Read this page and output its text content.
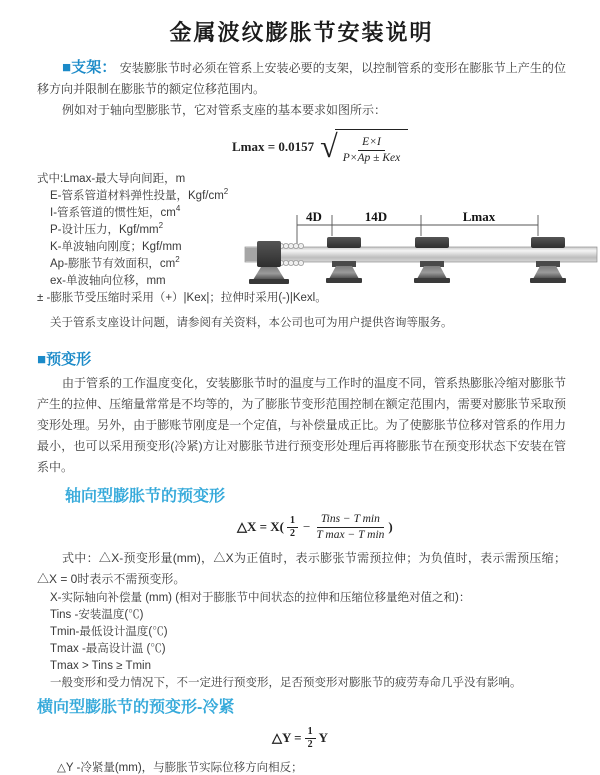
金属波纹膨胀节安装说明

■支架： 安装膨胀节时必须在管系上安装必要的支架，以控制管系的变形在膨胀节上产生的位移方向并限制在膨胀节的额定位移范围内。

例如对于轴向型膨胀节，它对管系支座的基本要求如图所示：

Lmax = 0.0157 √ $\frac{E\times I}{\text{P×Ap ± Kex}}$
式中:Lmax-最大导向间距，m
E-管系管道材料弹性投量，Kgf/$cm^2$
I-管系管道的惯性矩，$cm^4$
P-设计压力，Kgf/$mm^2$
K-单波轴向刚度；Kgf/mm
Ap-膨胀节有效面积，$cm^2$
ex-单波轴向位移，mm
± -膨胀节受压缩时采用（+）|Kex|；拉伸时采用(-)|Kexl。
关于管系支座设计问题，请参阅有关资料，本公司也可为用户提供咨询等服务。

■预变形

由于管系的工作温度变化，安装膨胀节时的温度与工作时的温度不同，管系热膨胀冷缩对膨胀节产生的拉伸、压缩量常常是不均等的，为了膨胀节变形范围控制在额定范围内，需要对膨胀节采取预变形处理。另外，由于膨账节刚度是一个定值，与补偿量成正比。为了使膨胀节位移对管系的作用力最小，也可以采用预变形(冷紧)方让对膨胀节进行预变形处理后再将膨胀节在预变形状态下安装在管系中。

轴向型膨胀节的预变形

△X = $X( \frac{1}{2} - \frac{\text{Tins − T min}}{\text{T max − T min}}$ )

式中：△X-预变形量(mm)，△X为正值时，表示膨张节需预拉伸；为负值时，表示需预压缩；△X = 0时表示不需预变形。

X-实际轴向补偿量 (mm) (相对于膨胀节中间状态的拉伸和压缩位移量绝对值之和)：
Tins -安装温度(℃)
Tmin-最低设计温度(℃)
Tmax -最高设计温 (℃)
Tmax > Tins ≥ Tmin
一般变形和受力情况下，不一定进行预变形，足否预变形对膨胀节的疲劳寿命几乎没有影响。

横向型膨胀节的预变形-冷紧

△Y = $\frac{1}{2}$ Y

△Y -冷紧量(mm)，与膨胀节实际位移方向相反；

4D	14D	Lmax
